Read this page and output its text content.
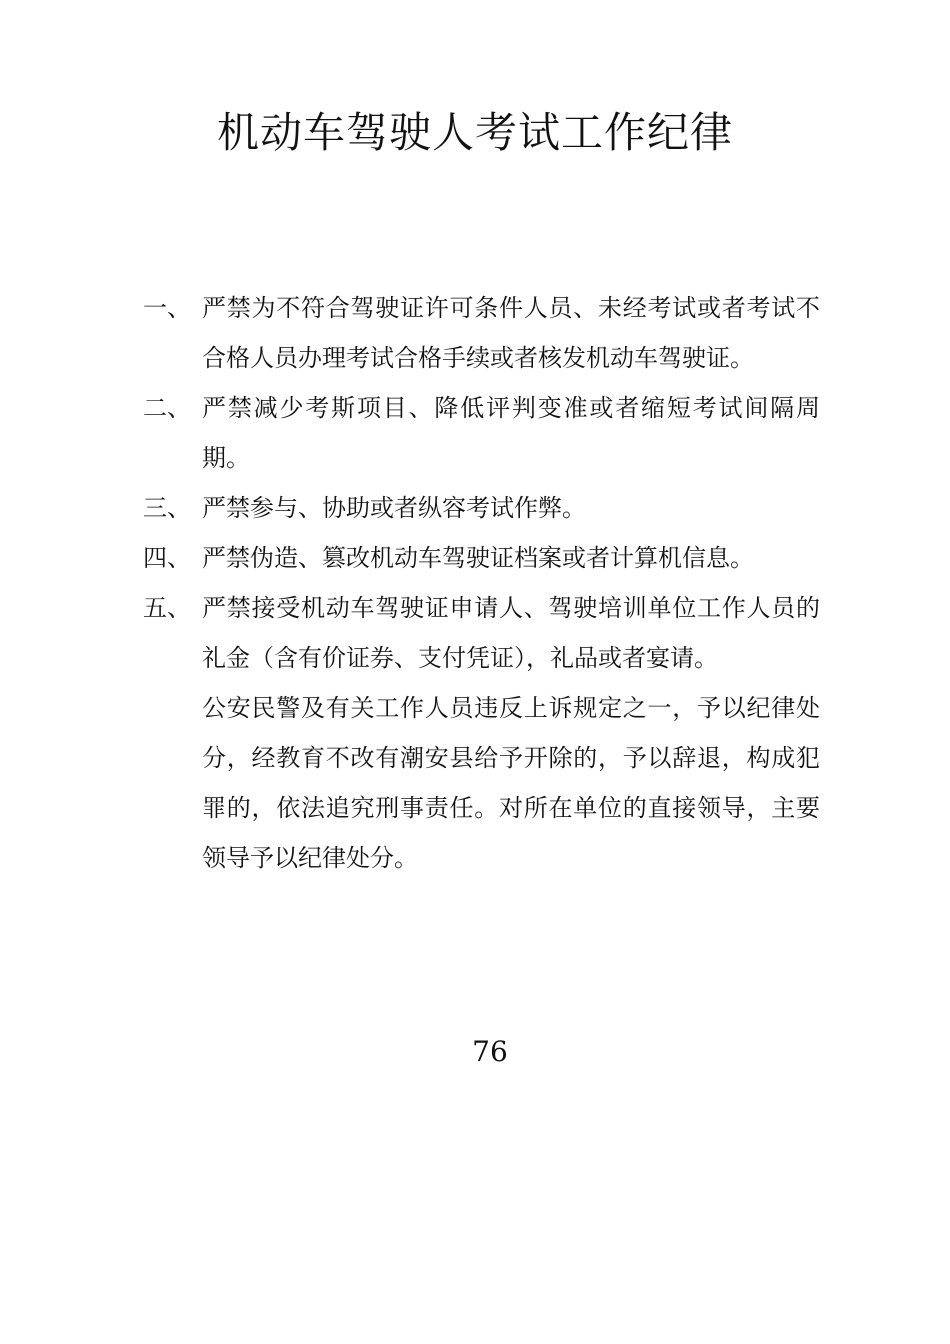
机动车驾驶人考试工作纪律
一、 严禁为不符合驾驶证许可条件人员、未经考试或者考试不合格人员办理考试合格手续或者核发机动车驾驶证。
二、 严禁减少考斯项目、降低评判变准或者缩短考试间隔周期。
三、 严禁参与、协助或者纵容考试作弊。
四、 严禁伪造、篡改机动车驾驶证档案或者计算机信息。
五、 严禁接受机动车驾驶证申请人、驾驶培训单位工作人员的礼金（含有价证券、支付凭证），礼品或者宴请。
公安民警及有关工作人员违反上诉规定之一，予以纪律处分，经教育不改有潮安县给予开除的，予以辞退，构成犯罪的，依法追究刑事责任。对所在单位的直接领导，主要领导予以纪律处分。
76
